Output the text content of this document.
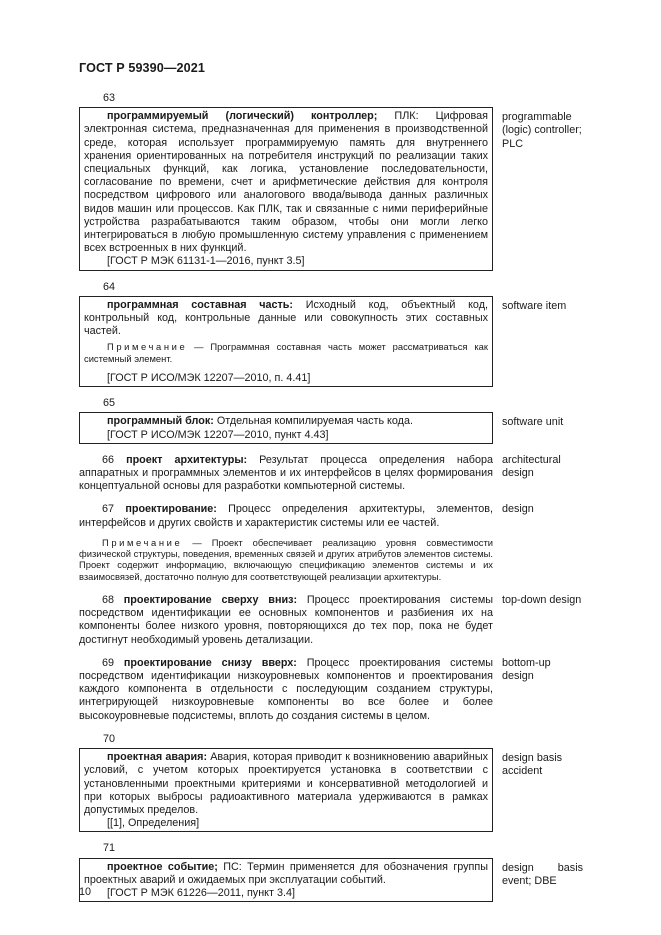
ГОСТ Р 59390—2021
63

программируемый (логический) контроллер; ПЛК: Цифровая электронная система, предназначенная для применения в производственной среде, которая использует программируемую память для внутреннего хранения ориентированных на потребителя инструкций по реализации таких специальных функций, как логика, установление последовательности, согласование по времени, счет и арифметические действия для контроля посредством цифрового или аналогового ввода/вывода данных различных видов машин или процессов. Как ПЛК, так и связанные с ними периферийные устройства разрабатываются таким образом, чтобы они могли легко интегрироваться в любую промышленную систему управления с применением всех встроенных в них функций.

[ГОСТ Р МЭК 61131-1—2016, пункт 3.5]

programmable (logic) controller; PLC
64

программная составная часть: Исходный код, объектный код, контрольный код, контрольные данные или совокупность этих составных частей.

Примечание — Программная составная часть может рассматриваться как системный элемент.

[ГОСТ Р ИСО/МЭК 12207—2010, п. 4.41]

software item
65

программный блок: Отдельная компилируемая часть кода.

[ГОСТ Р ИСО/МЭК 12207—2010, пункт 4.43]

software unit

66 проект архитектуры: Результат процесса определения набора аппаратных и программных элементов и их интерфейсов в целях формирования концептуальной основы для разработки компьютерной системы.

architectural design

67 проектирование: Процесс определения архитектуры, элементов, интерфейсов и других свойств и характеристик системы или ее частей.

Примечание — Проект обеспечивает реализацию уровня совместимости физической структуры, поведения, временных связей и других атрибутов элементов системы. Проект содержит информацию, включающую спецификацию элементов системы и их взаимосвязей, достаточно полную для соответствующей реализации архитектуры.

design

68 проектирование сверху вниз: Процесс проектирования системы посредством идентификации ее основных компонентов и разбиения их на компоненты более низкого уровня, повторяющихся до тех пор, пока не будет достигнут необходимый уровень детализации.

top-down design

69 проектирование снизу вверх: Процесс проектирования системы посредством идентификации низкоуровневых компонентов и проектирования каждого компонента в отдельности с последующим созданием структуры, интегрирующей низкоуровневые компоненты во все более и более высокоуровневые подсистемы, вплоть до создания системы в целом.

bottom-up design
70

проектная авария: Авария, которая приводит к возникновению аварийных условий, с учетом которых проектируется установка в соответствии с установленными проектными критериями и консервативной методологией и при которых выбросы радиоактивного материала удерживаются в рамках допустимых пределов.

[[1], Определения]

design basis accident
71

проектное событие; ПС: Термин применяется для обозначения группы проектных аварий и ожидаемых при эксплуатации событий.

[ГОСТ Р МЭК 61226—2011, пункт 3.4]

design basis event; DBE
10
